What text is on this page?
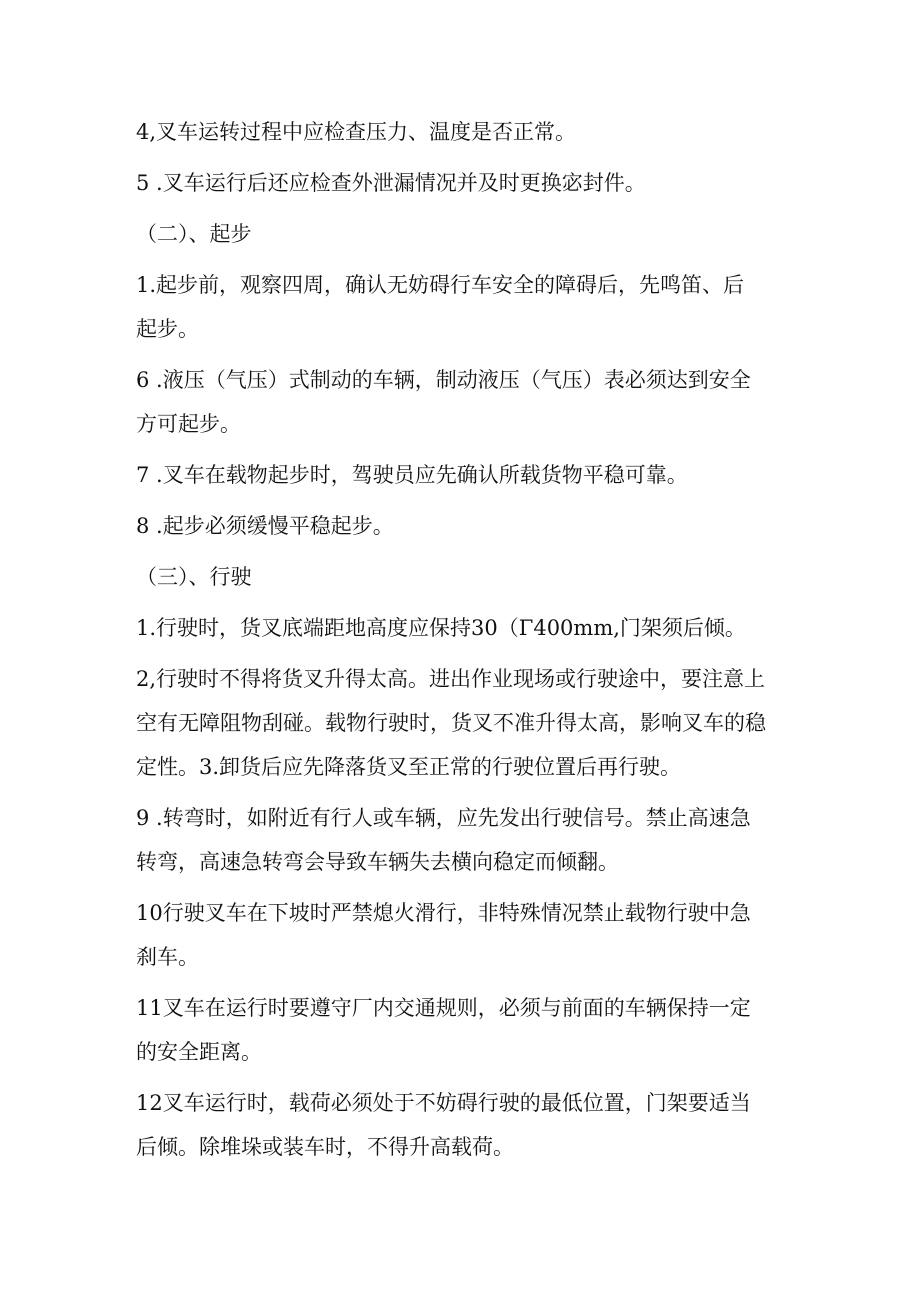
4,叉车运转过程中应检查压力、温度是否正常。

5 .叉车运行后还应检查外泄漏情况并及时更换宓封件。

（二）、起步

1.起步前，观察四周，确认无妨碍行车安全的障碍后，先鸣笛、后
起步。

6 .液压（气压）式制动的车辆，制动液压（气压）表必须达到安全
方可起步。

7 .叉车在载物起步时，驾驶员应先确认所载货物平稳可靠。

8 .起步必须缓慢平稳起步。

（三）、行驶

1.行驶时，货叉底端距地高度应保持30（Γ400mm,门架须后倾。

2,行驶时不得将货叉升得太高。进出作业现场或行驶途中，要注意上
空有无障阻物刮碰。载物行驶时，货叉不准升得太高，影响叉车的稳
定性。3.卸货后应先降落货叉至正常的行驶位置后再行驶。

9 .转弯时，如附近有行人或车辆，应先发出行驶信号。禁止高速急
转弯，高速急转弯会导致车辆失去横向稳定而倾翻。

10行驶叉车在下坡时严禁熄火滑行，非特殊情况禁止载物行驶中急
刹车。

11叉车在运行时要遵守厂内交通规则，必须与前面的车辆保持一定
的安全距离。

12叉车运行时，载荷必须处于不妨碍行驶的最低位置，门架要适当
后倾。除堆垛或装车时，不得升高载荷。
